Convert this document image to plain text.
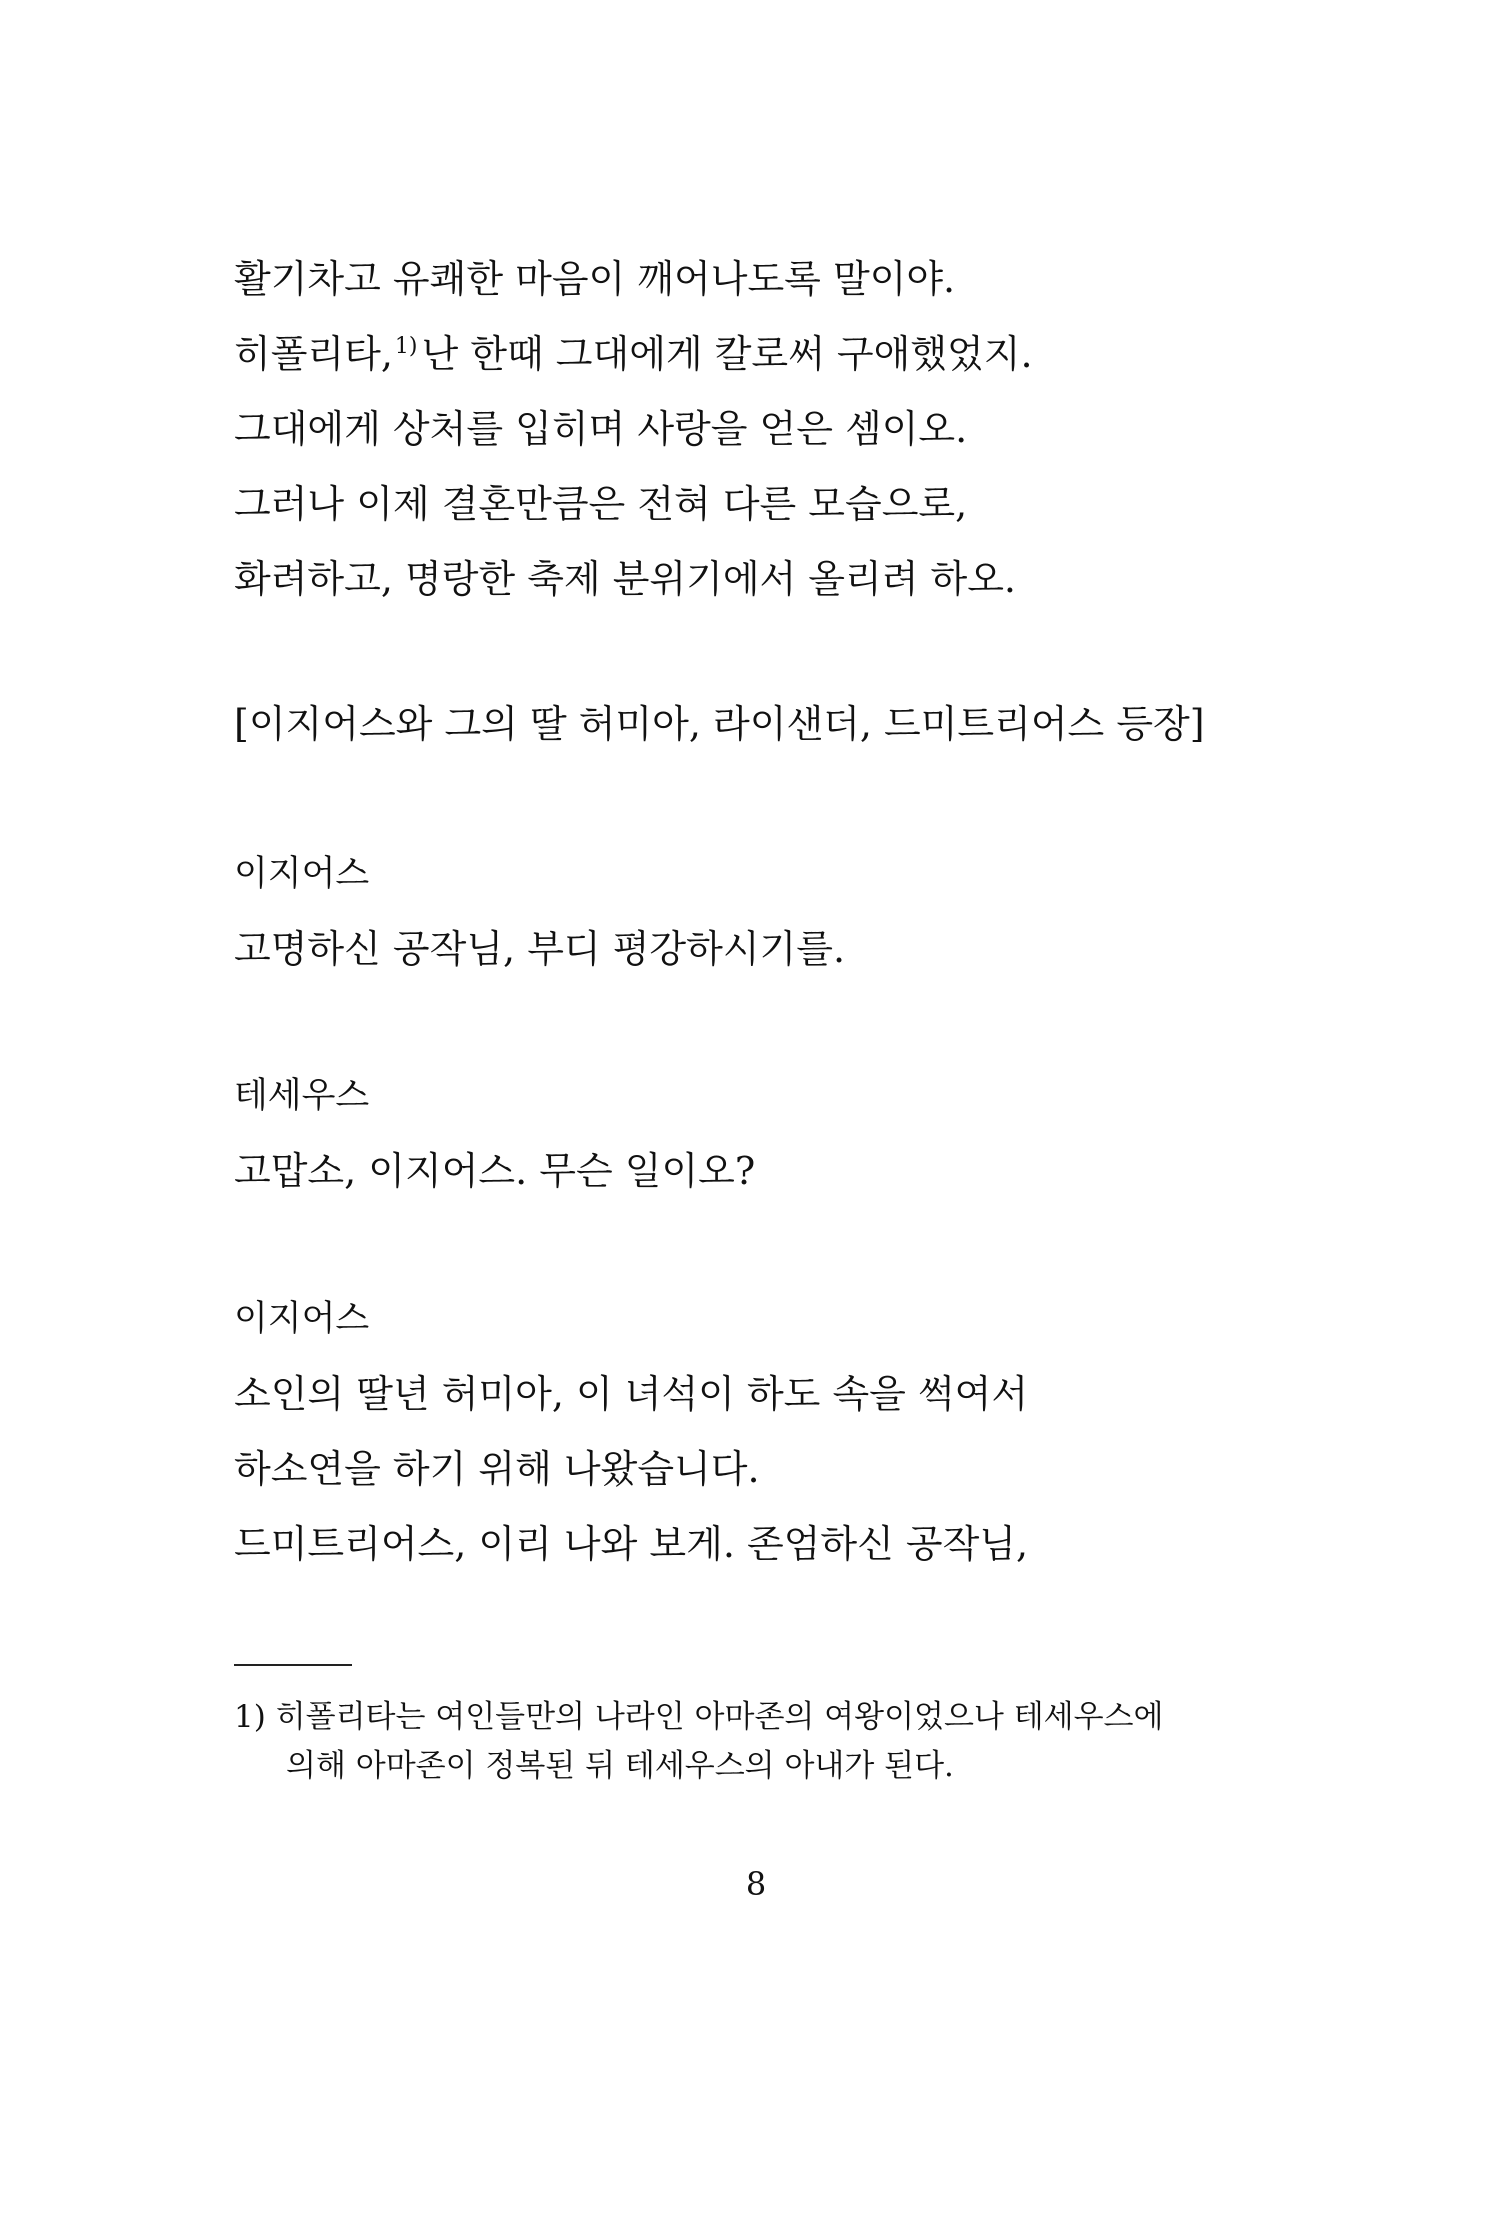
활기차고 유쾌한 마음이 깨어나도록 말이야.
히폴리타,$^{1)}$ 난 한때 그대에게 칼로써 구애했었지.
그대에게 상처를 입히며 사랑을 얻은 셈이오.
그러나 이제 결혼만큼은 전혀 다른 모습으로,
화려하고, 명랑한 축제 분위기에서 올리려 하오.
[이지어스와 그의 딸 허미아, 라이샌더, 드미트리어스 등장]
이지어스
고명하신 공작님, 부디 평강하시기를.
테세우스
고맙소, 이지어스. 무슨 일이오?
이지어스
소인의 딸년 허미아, 이 녀석이 하도 속을 썩여서
하소연을 하기 위해 나왔습니다.
드미트리어스, 이리 나와 보게. 존엄하신 공작님,
1) 히폴리타는 여인들만의 나라인 아마존의 여왕이었으나 테세우스에
의해 아마존이 정복된 뒤 테세우스의 아내가 된다.
8
